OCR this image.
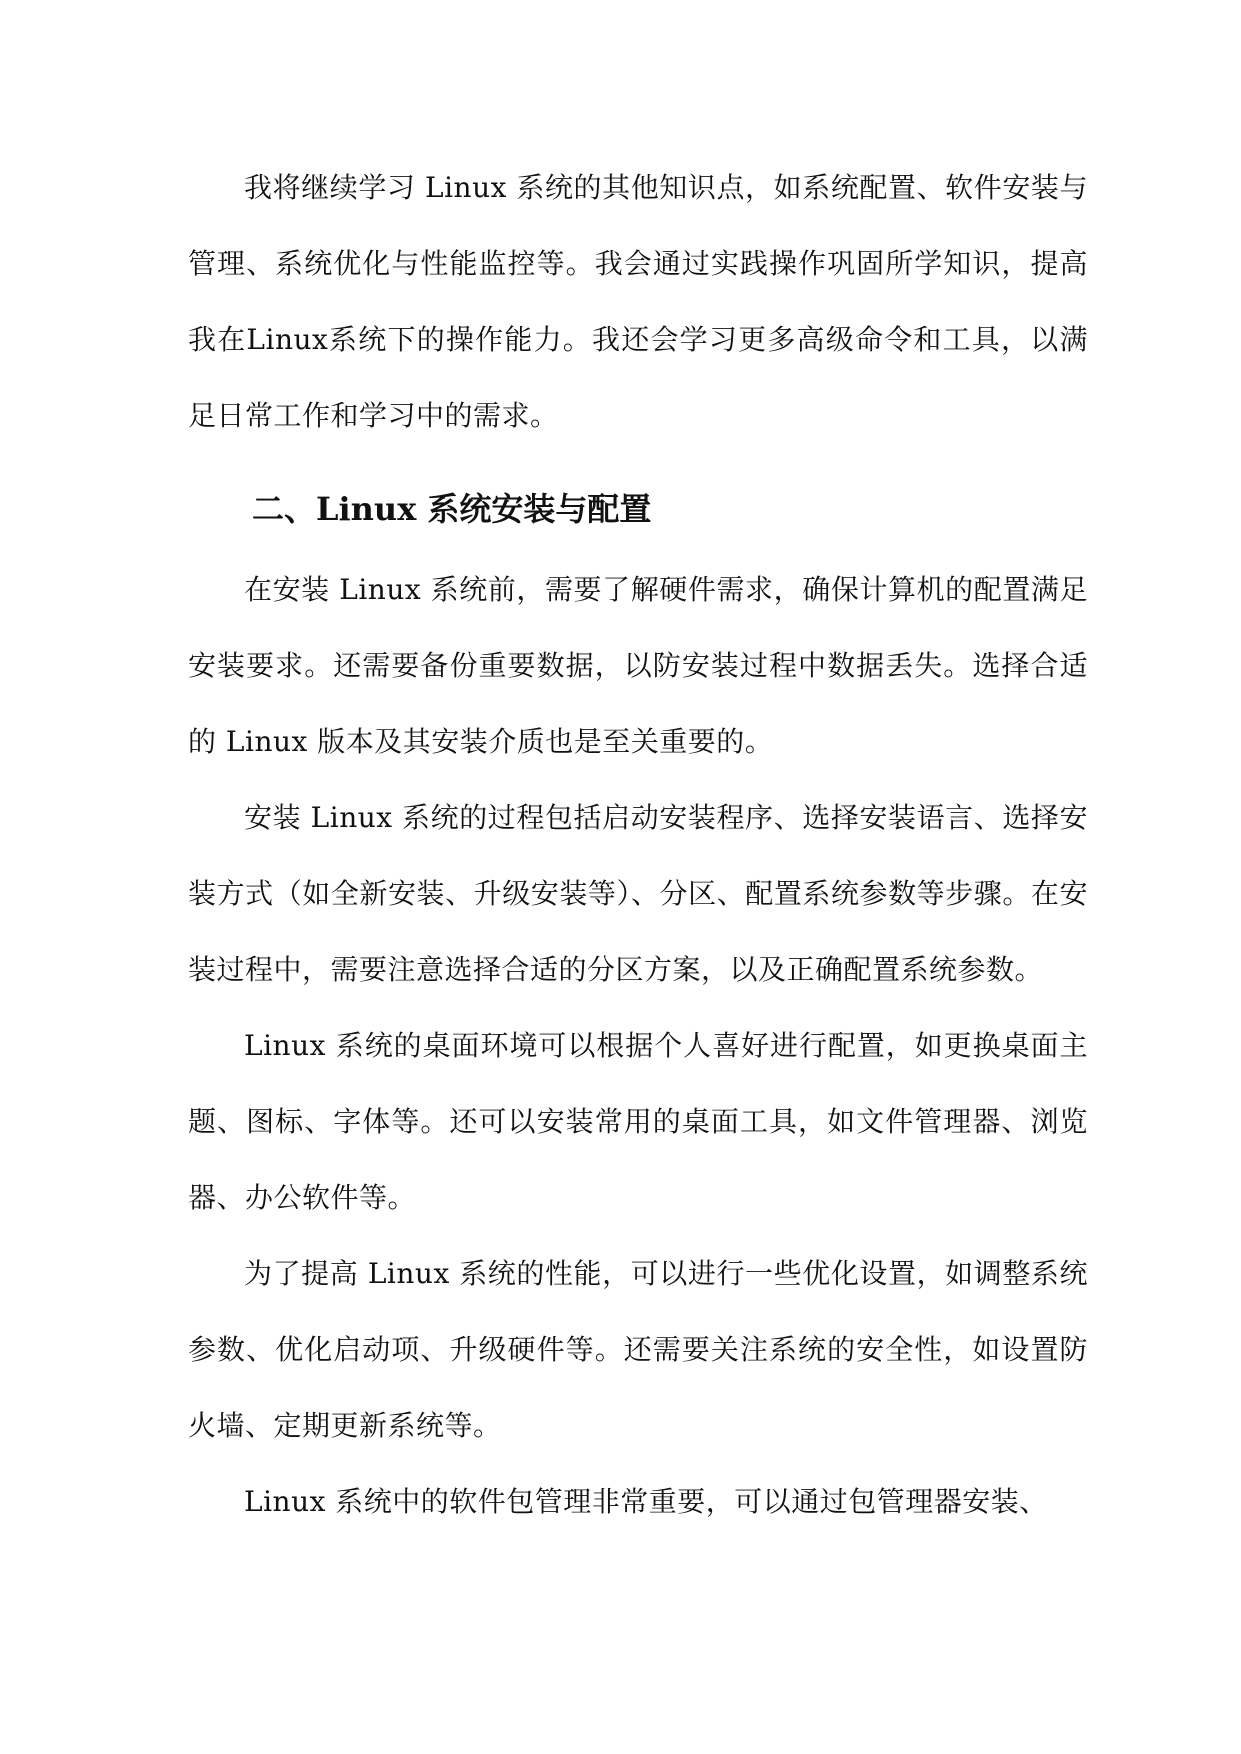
我将继续学习 Linux 系统的其他知识点，如系统配置、软件安装与管理、系统优化与性能监控等。我会通过实践操作巩固所学知识，提高我在Linux系统下的操作能力。我还会学习更多高级命令和工具，以满足日常工作和学习中的需求。

二、Linux 系统安装与配置

在安装 Linux 系统前，需要了解硬件需求，确保计算机的配置满足安装要求。还需要备份重要数据，以防安装过程中数据丢失。选择合适的 Linux 版本及其安装介质也是至关重要的。

安装 Linux 系统的过程包括启动安装程序、选择安装语言、选择安装方式（如全新安装、升级安装等）、分区、配置系统参数等步骤。在安装过程中，需要注意选择合适的分区方案，以及正确配置系统参数。

Linux 系统的桌面环境可以根据个人喜好进行配置，如更换桌面主题、图标、字体等。还可以安装常用的桌面工具，如文件管理器、浏览器、办公软件等。

为了提高 Linux 系统的性能，可以进行一些优化设置，如调整系统参数、优化启动项、升级硬件等。还需要关注系统的安全性，如设置防火墙、定期更新系统等。

Linux 系统中的软件包管理非常重要，可以通过包管理器安装、
